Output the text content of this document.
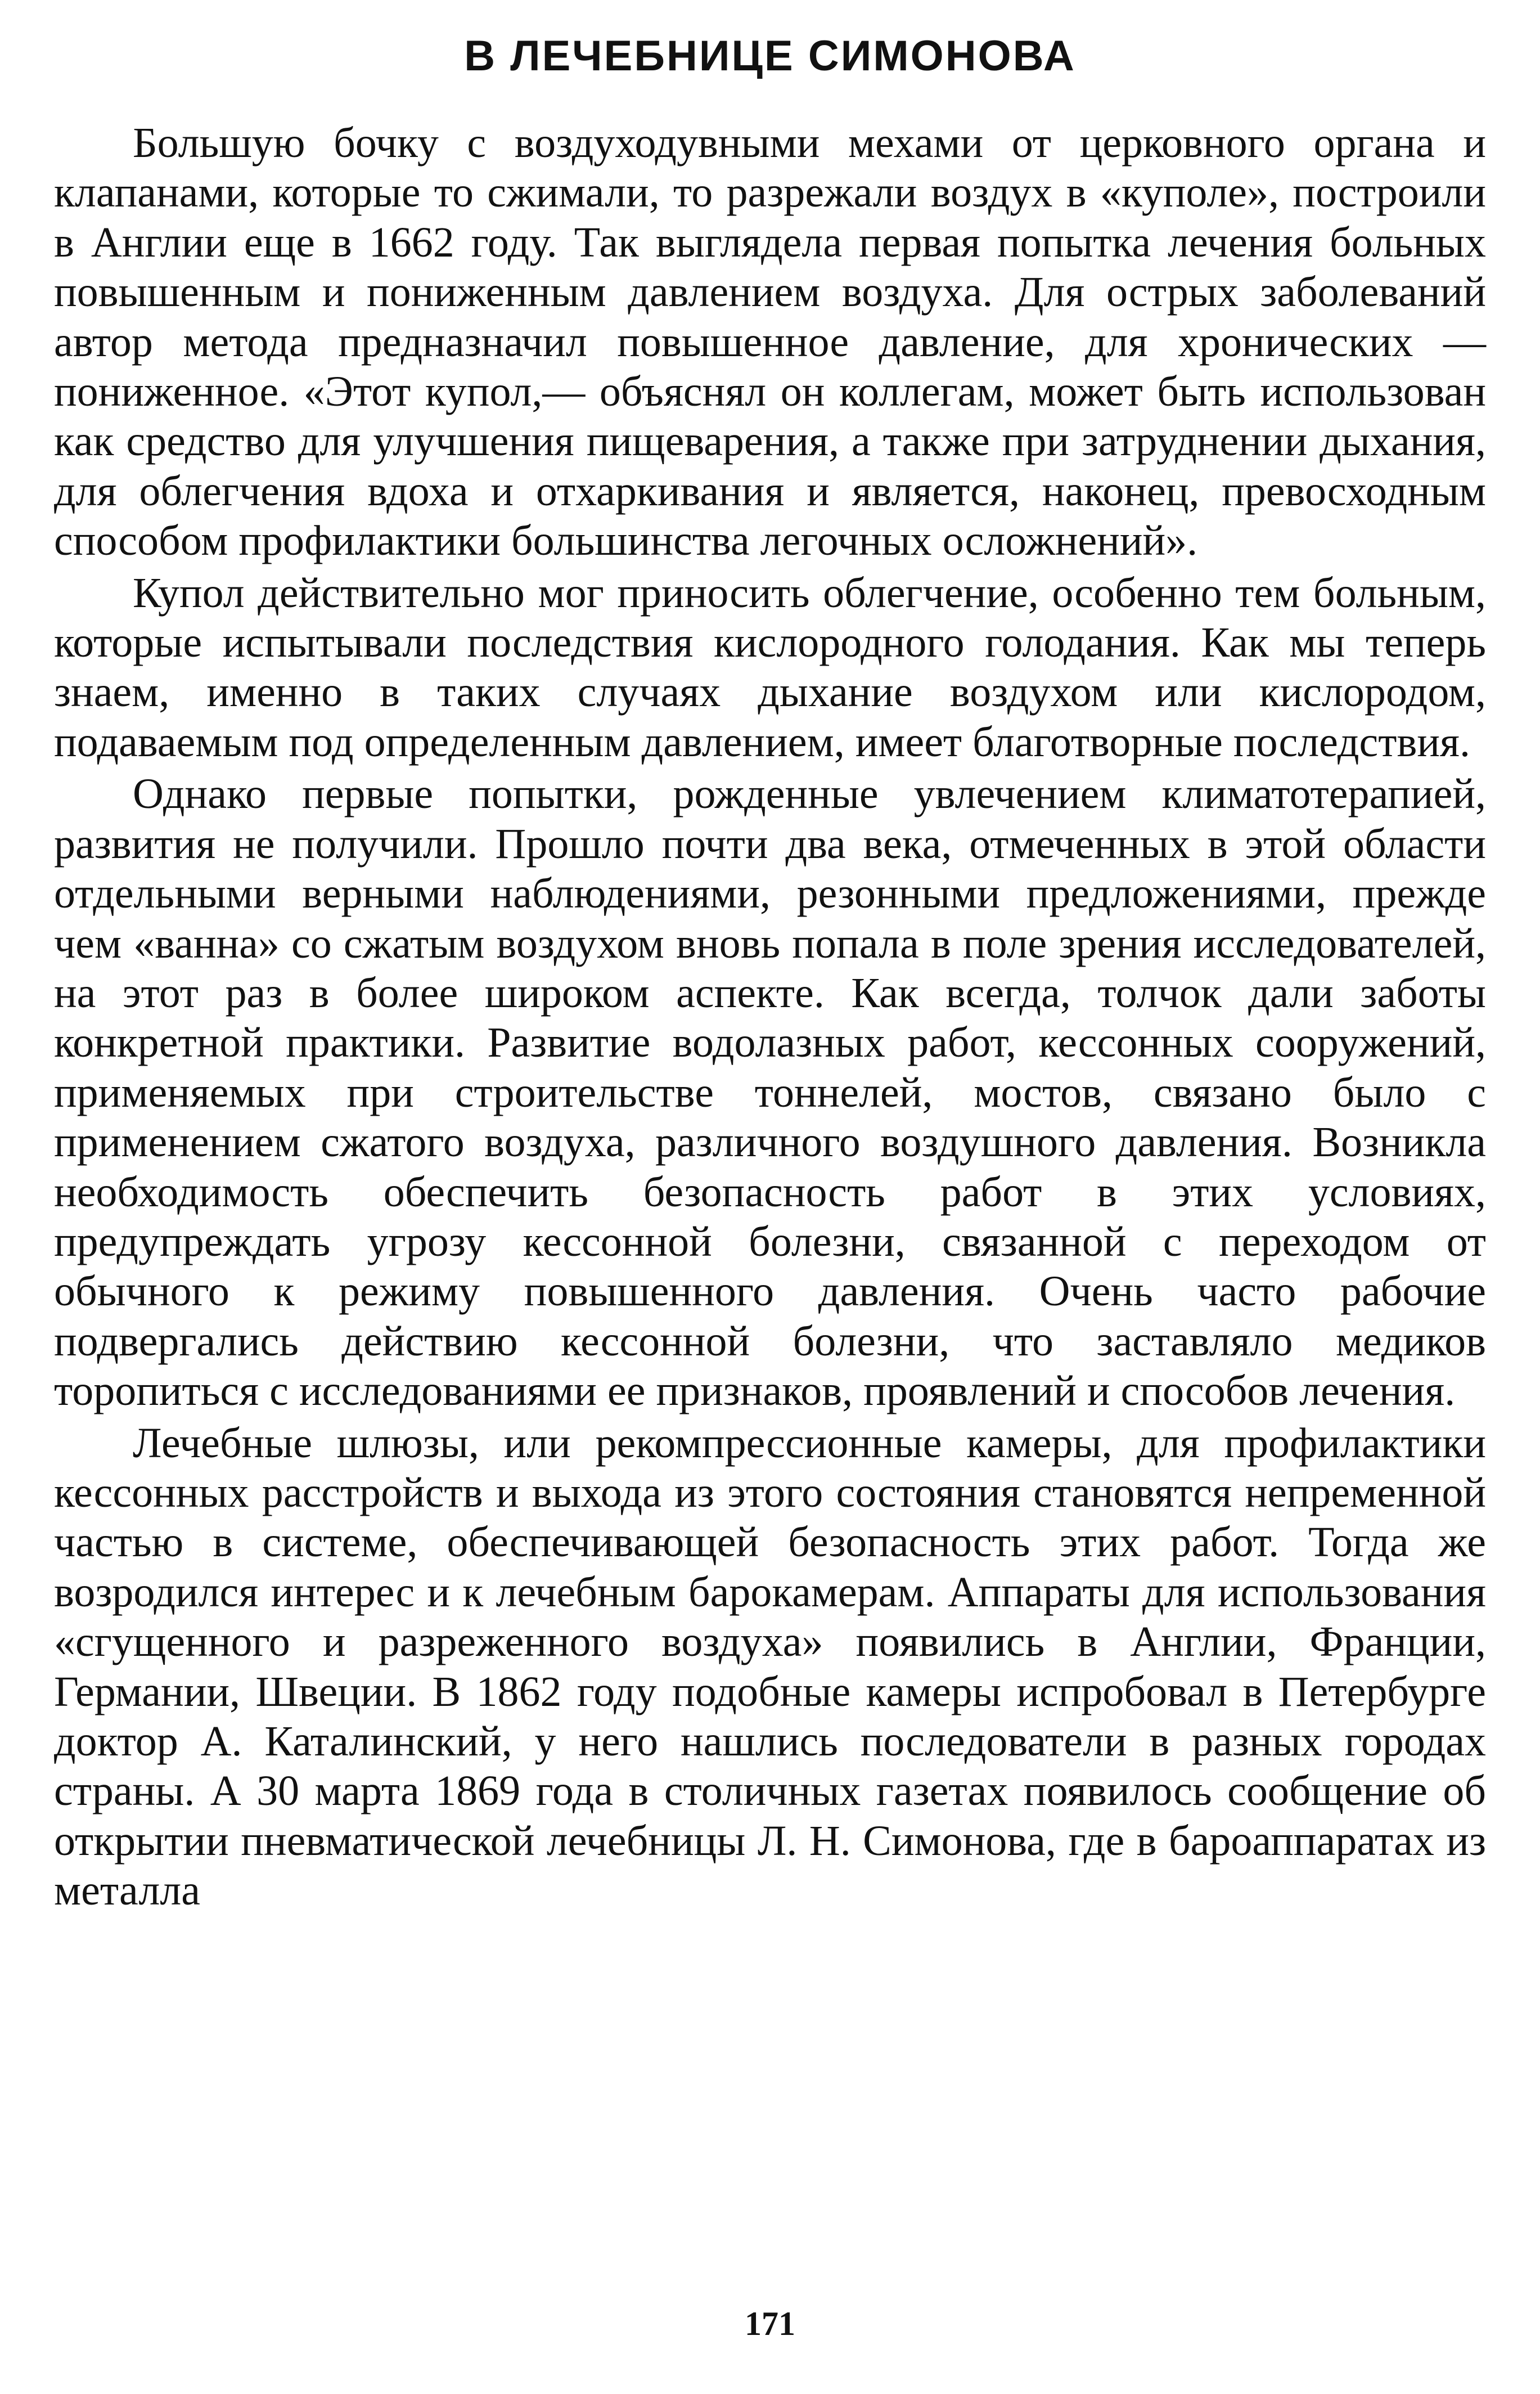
В ЛЕЧЕБНИЦЕ СИМОНОВА

Большую бочку с воздуходувными мехами от церковного органа и клапанами, которые то сжимали, то разрежали воздух в «куполе», построили в Англии еще в 1662 году. Так выглядела первая попытка лечения больных повышенным и пониженным давлением воздуха. Для острых заболеваний автор метода предназначил повышенное давление, для хронических — пониженное. «Этот купол,— объяснял он коллегам, может быть использован как средство для улучшения пищеварения, а также при затруднении дыхания, для облегчения вдоха и отхаркивания и является, наконец, превосходным способом профилактики большинства легочных осложнений».

Купол действительно мог приносить облегчение, особенно тем больным, которые испытывали последствия кислородного голодания. Как мы теперь знаем, именно в таких случаях дыхание воздухом или кислородом, подаваемым под определенным давлением, имеет благотворные последствия.

Однако первые попытки, рожденные увлечением климатотерапией, развития не получили. Прошло почти два века, отмеченных в этой области отдельными верными наблюдениями, резонными предложениями, прежде чем «ванна» со сжатым воздухом вновь попала в поле зрения исследователей, на этот раз в более широком аспекте. Как всегда, толчок дали заботы конкретной практики. Развитие водолазных работ, кессонных сооружений, применяемых при строительстве тоннелей, мостов, связано было с применением сжатого воздуха, различного воздушного давления. Возникла необходимость обеспечить безопасность работ в этих условиях, предупреждать угрозу кессонной болезни, связанной с переходом от обычного к режиму повышенного давления. Очень часто рабочие подвергались действию кессонной болезни, что заставляло медиков торопиться с исследованиями ее признаков, проявлений и способов лечения.

Лечебные шлюзы, или рекомпрессионные камеры, для профилактики кессонных расстройств и выхода из этого состояния становятся непременной частью в системе, обеспечивающей безопасность этих работ. Тогда же возродился интерес и к лечебным барокамерам. Аппараты для использования «сгущенного и разреженного воздуха» появились в Англии, Франции, Германии, Швеции. В 1862 году подобные камеры испробовал в Петербурге доктор А. Каталинский, у него нашлись последователи в разных городах страны. А 30 марта 1869 года в столичных газетах появилось сообщение об открытии пневматической лечебницы Л. Н. Симонова, где в бароаппаратах из металла

171
